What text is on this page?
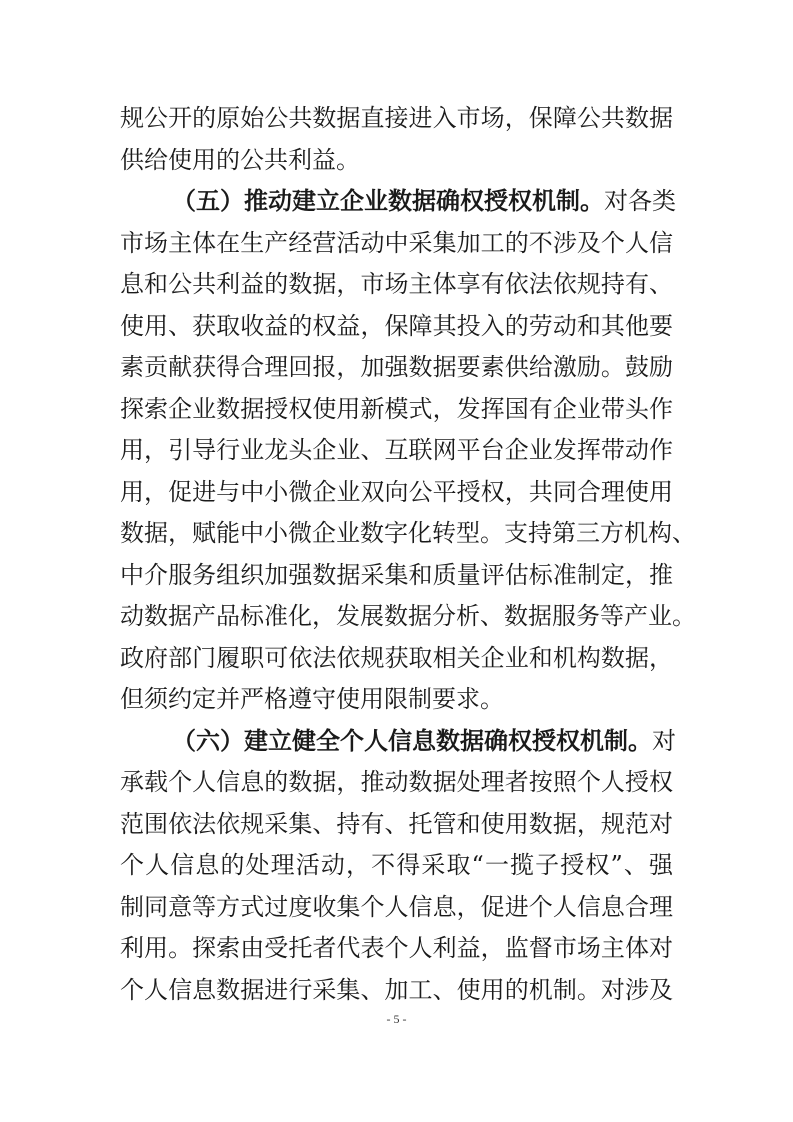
规公开的原始公共数据直接进入市场，保障公共数据
供给使用的公共利益。
（五）推动建立企业数据确权授权机制。对各类
市场主体在生产经营活动中采集加工的不涉及个人信
息和公共利益的数据，市场主体享有依法依规持有、
使用、获取收益的权益，保障其投入的劳动和其他要
素贡献获得合理回报，加强数据要素供给激励。鼓励
探索企业数据授权使用新模式，发挥国有企业带头作
用，引导行业龙头企业、互联网平台企业发挥带动作
用，促进与中小微企业双向公平授权，共同合理使用
数据，赋能中小微企业数字化转型。支持第三方机构、
中介服务组织加强数据采集和质量评估标准制定，推
动数据产品标准化，发展数据分析、数据服务等产业。
政府部门履职可依法依规获取相关企业和机构数据，
但须约定并严格遵守使用限制要求。
（六）建立健全个人信息数据确权授权机制。对
承载个人信息的数据，推动数据处理者按照个人授权
范围依法依规采集、持有、托管和使用数据，规范对
个人信息的处理活动，不得采取“一揽子授权”、强
制同意等方式过度收集个人信息，促进个人信息合理
利用。探索由受托者代表个人利益，监督市场主体对
个人信息数据进行采集、加工、使用的机制。对涉及
- 5 -
